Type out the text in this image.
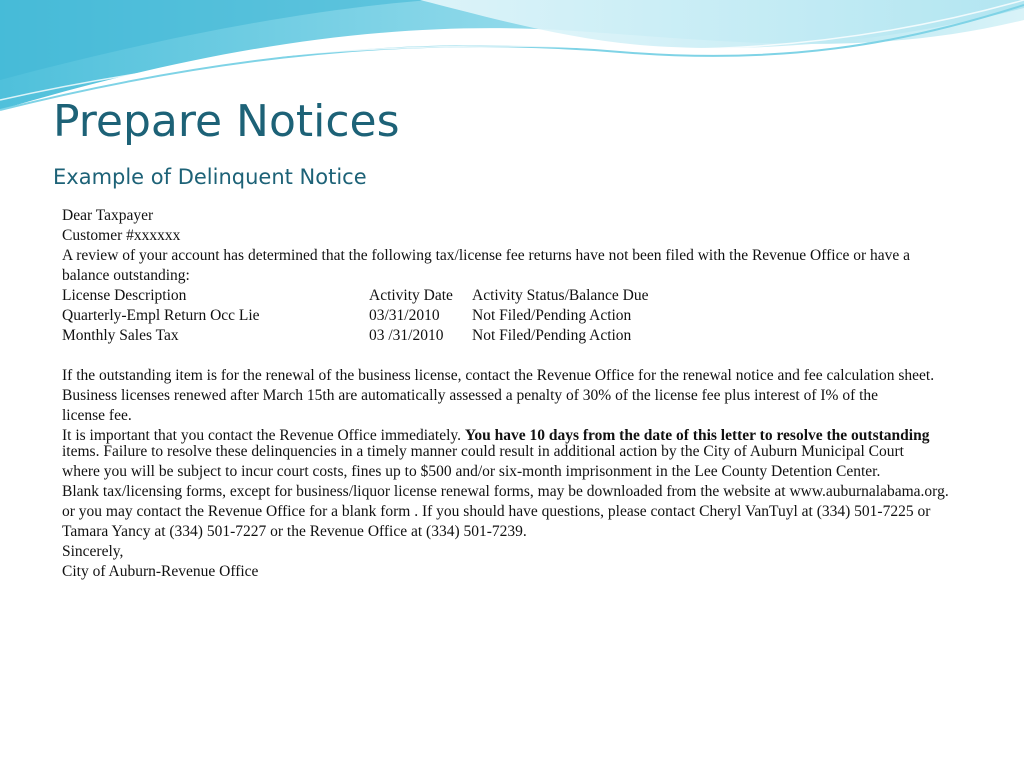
Prepare Notices
Example of Delinquent Notice

Dear Taxpayer

Customer #xxxxxx

A review of your account has determined that the following tax/license fee returns have not been filed with the Revenue Office or have a

balance outstanding:

License Description	Activity Date	Activity Status/Balance Due
Quarterly-Empl Return Occ Lie	03/31/2010	Not Filed/Pending Action
Monthly Sales Tax	03 /31/2010	Not Filed/Pending Action

If the outstanding item is for the renewal of the business license, contact the Revenue Office for the renewal notice and fee calculation sheet.

Business licenses renewed after March 15th are automatically assessed a penalty of 30% of the license fee plus interest of I% of the

license fee.

It is important that you contact the Revenue Office immediately. You have 10 days from the date of this letter to resolve the outstanding items. Failure to resolve these delinquencies in a timely manner could result in additional action by the City of Auburn Municipal Court

where you will be subject to incur court costs, fines up to $500 and/or six-month imprisonment in the Lee County Detention Center.

Blank tax/licensing forms, except for business/liquor license renewal forms, may be downloaded from the website at www.auburnalabama.org.

or you may contact the Revenue Office for a blank form . If you should have questions, please contact Cheryl VanTuyl at (334) 501-7225 or

Tamara Yancy at (334) 501-7227 or the Revenue Office at (334) 501-7239.

Sincerely,

City of Auburn-Revenue Office
